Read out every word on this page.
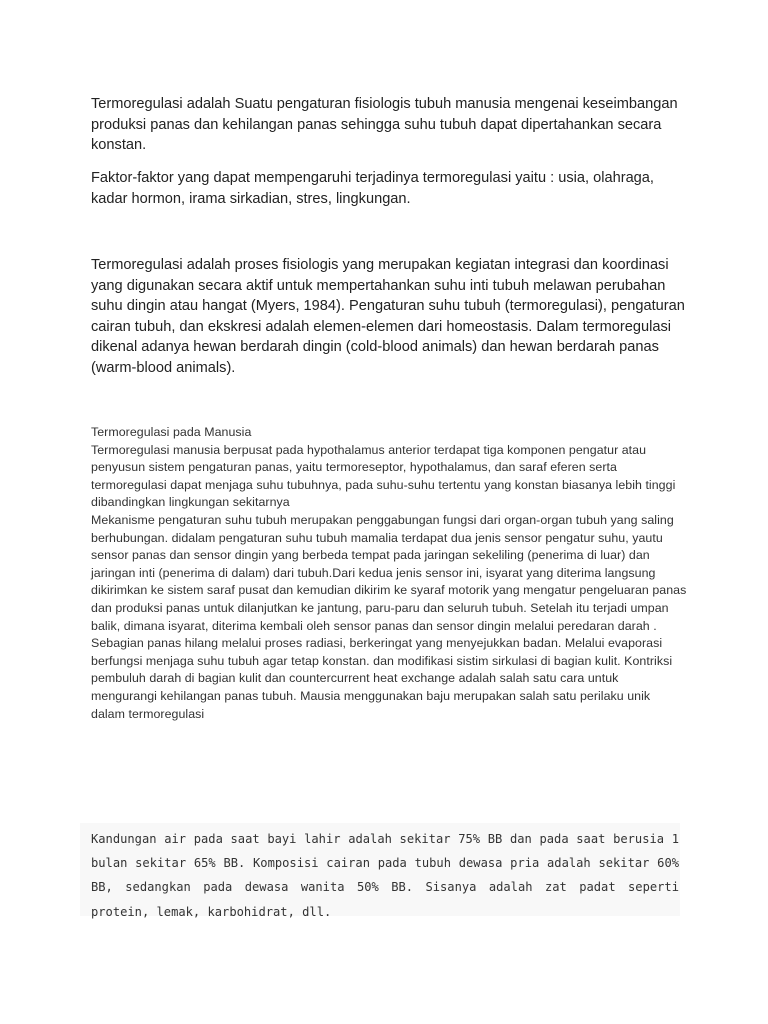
Termoregulasi adalah Suatu pengaturan fisiologis tubuh manusia mengenai keseimbangan produksi panas dan kehilangan panas sehingga suhu tubuh dapat dipertahankan secara konstan.

Faktor-faktor yang dapat mempengaruhi terjadinya termoregulasi yaitu : usia, olahraga, kadar hormon, irama sirkadian, stres, lingkungan.

Termoregulasi adalah proses fisiologis yang merupakan kegiatan integrasi dan koordinasi yang digunakan secara aktif untuk mempertahankan suhu inti tubuh melawan perubahan suhu dingin atau hangat (Myers, 1984). Pengaturan suhu tubuh (termoregulasi), pengaturan cairan tubuh, dan ekskresi adalah elemen-elemen dari homeostasis. Dalam termoregulasi dikenal adanya hewan berdarah dingin (cold-blood animals) dan hewan berdarah panas (warm-blood animals).

Termoregulasi pada Manusia
Termoregulasi manusia berpusat pada hypothalamus anterior terdapat tiga komponen pengatur atau penyusun sistem pengaturan panas, yaitu termoreseptor, hypothalamus, dan saraf eferen serta termoregulasi dapat menjaga suhu tubuhnya, pada suhu-suhu tertentu yang konstan biasanya lebih tinggi dibandingkan lingkungan sekitarnya
Mekanisme pengaturan suhu tubuh merupakan penggabungan fungsi dari organ-organ tubuh yang saling berhubungan. didalam pengaturan suhu tubuh mamalia terdapat dua jenis sensor pengatur suhu, yautu sensor panas dan sensor dingin yang berbeda tempat pada jaringan sekeliling (penerima di luar) dan jaringan inti (penerima di dalam) dari tubuh.Dari kedua jenis sensor ini, isyarat yang diterima langsung dikirimkan ke sistem saraf pusat dan kemudian dikirim ke syaraf motorik yang mengatur pengeluaran panas dan produksi panas untuk dilanjutkan ke jantung, paru-paru dan seluruh tubuh. Setelah itu terjadi umpan balik, dimana isyarat, diterima kembali oleh sensor panas dan sensor dingin melalui peredaran darah .
Sebagian panas hilang melalui proses radiasi, berkeringat yang menyejukkan badan. Melalui evaporasi berfungsi menjaga suhu tubuh agar tetap konstan. dan modifikasi sistim sirkulasi di bagian kulit. Kontriksi pembuluh darah di bagian kulit dan countercurrent heat exchange adalah salah satu cara untuk mengurangi kehilangan panas tubuh. Mausia menggunakan baju merupakan salah satu perilaku unik dalam termoregulasi

Kandungan air pada saat bayi lahir adalah sekitar 75% BB dan pada saat berusia 1 bulan sekitar 65% BB. Komposisi cairan pada tubuh dewasa pria adalah sekitar 60% BB, sedangkan pada dewasa wanita 50% BB. Sisanya adalah zat padat seperti protein, lemak, karbohidrat, dll.
